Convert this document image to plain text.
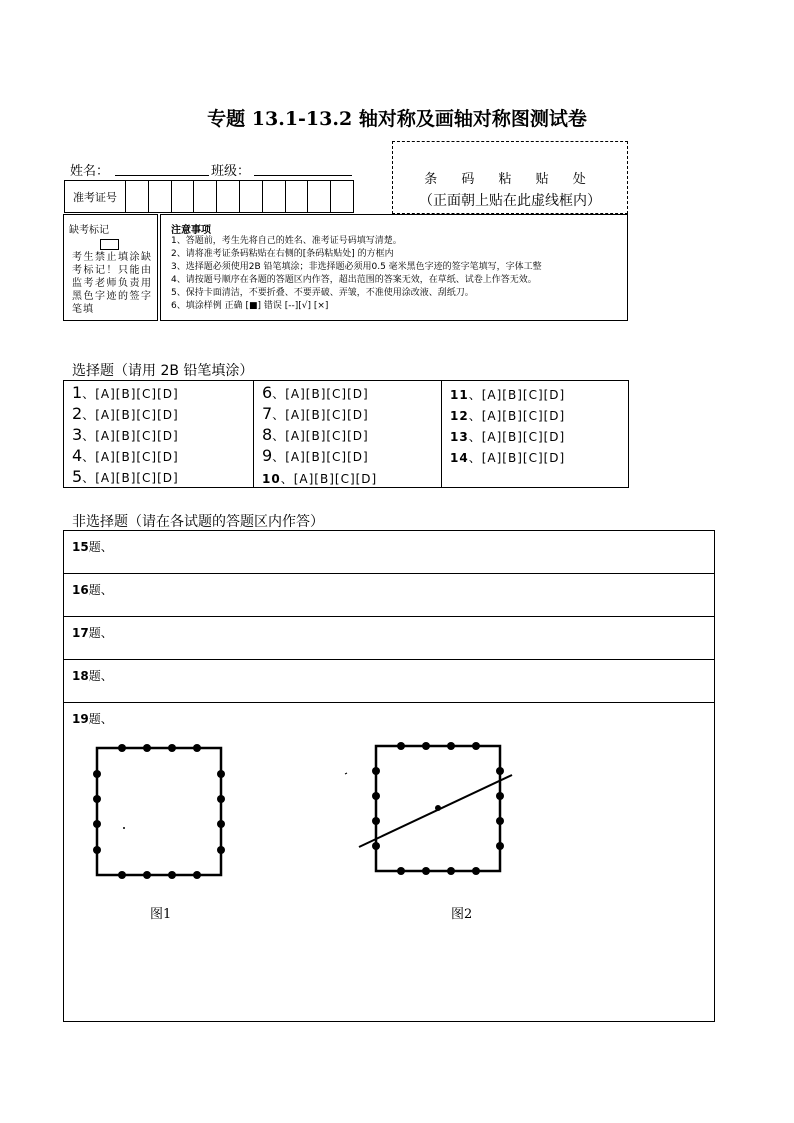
专题 13.1-13.2 轴对称及画轴对称图测试卷
姓名：	班级：
条 码 粘 贴 处
（正面朝上贴在此虚线框内）
准考证号
缺考标记
考生禁止填涂缺考标记！只能由监考老师负责用黑色字迹的签字笔填
注意事项
1、答题前，考生先将自己的姓名、准考证号码填写清楚。
2、请将准考证条码粘贴在右侧的[条码粘贴处] 的方框内
3、选择题必须使用2B 铅笔填涂；非选择题必须用0.5 毫米黑色字迹的签字笔填写，字体工整
4、请按题号顺序在各题的答题区内作答，超出范围的答案无效，在草纸、试卷上作答无效。
5、保持卡面清洁，不要折叠、不要弄破、弄皱，不准使用涂改液、刮纸刀。
6、填涂样例 正确 [■] 错误 [--][√] [×]
选择题（请用 2B 铅笔填涂）
1、[A][B][C][D]
2、[A][B][C][D]
3、[A][B][C][D]
4、[A][B][C][D]
5、[A][B][C][D]
6、[A][B][C][D]
7、[A][B][C][D]
8、[A][B][C][D]
9、[A][B][C][D]
10、[A][B][C][D]
11、[A][B][C][D]
12、[A][B][C][D]
13、[A][B][C][D]
14、[A][B][C][D]
非选择题（请在各试题的答题区内作答）
15题、
16题、
17题、
18题、
19题、
图1	图2
